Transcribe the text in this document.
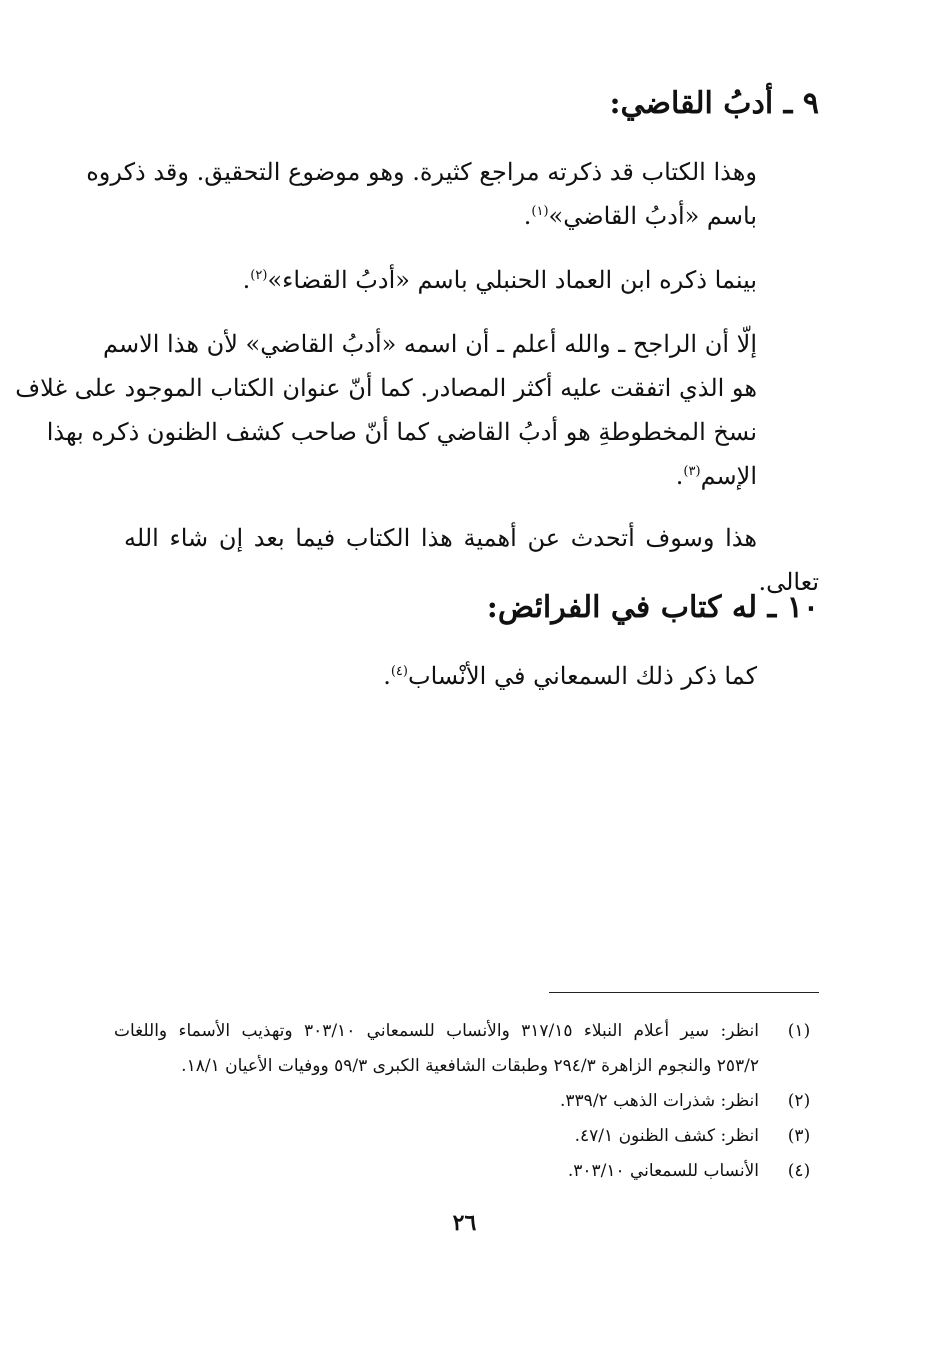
٩ ـ أدبُ القاضي:

وهذا الكتاب قد ذكرته مراجع كثيرة. وهو موضوع التحقيق. وقد ذكروه
باسم «أدبُ القاضي»$^{(١)}$.

بينما ذكره ابن العماد الحنبلي باسم «أدبُ القضاء»$^{(٢)}$.

إلّا أن الراجح ـ والله أعلم ـ أن اسمه «أدبُ القاضي» لأن هذا الاسم
هو الذي اتفقت عليه أكثر المصادر. كما أنّ عنوان الكتاب الموجود على غلاف
نسخ المخطوطةِ هو أدبُ القاضي كما أنّ صاحب كشف الظنون ذكره بهذا
الإسم$^{(٣)}$.

هذا وسوف أتحدث عن أهمية هذا الكتاب فيما بعد إن شاء الله تعالى.

١٠ ـ له كتاب في الفرائض:

كما ذكر ذلك السمعاني في الأنْساب$^{(٤)}$.

(١)
انظر: سير أعلام النبلاء ٣١٧/١٥ والأنساب للسمعاني ٣٠٣/١٠ وتهذيب الأسماء واللغات
٢٥٣/٢ والنجوم الزاهرة ٢٩٤/٣ وطبقات الشافعية الكبرى ٥٩/٣ ووفيات الأعيان ١٨/١.
(٢)
انظر: شذرات الذهب ٣٣٩/٢.
(٣)
انظر: كشف الظنون ٤٧/١.
(٤)
الأنساب للسمعاني ٣٠٣/١٠.
٢٦
